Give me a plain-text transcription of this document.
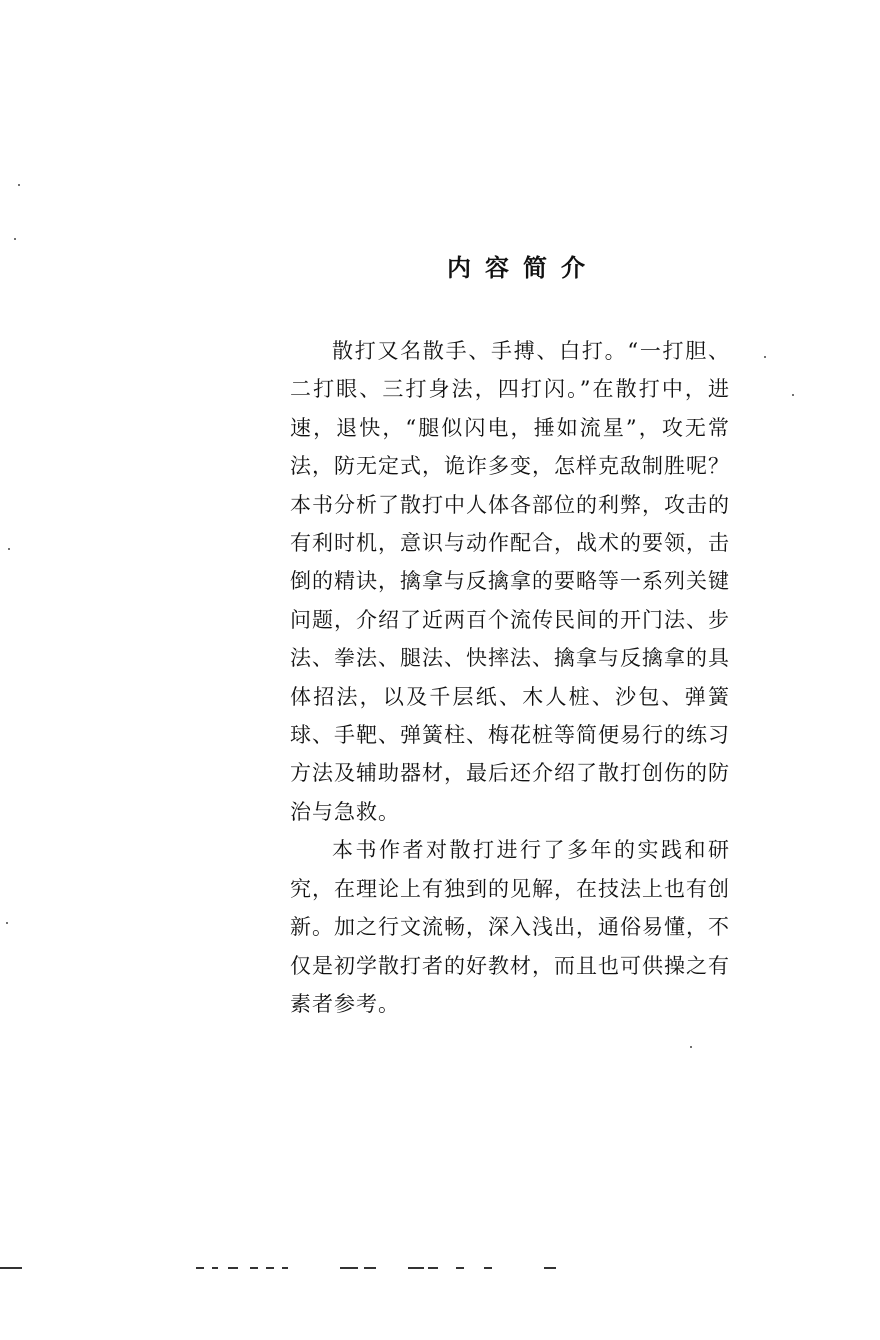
内容简介

散打又名散手、手搏、白打。“一打胆、二打眼、三打身法，四打闪。”在散打中，进速，退快，“腿似闪电，捶如流星”，攻无常法，防无定式，诡诈多变，怎样克敌制胜呢？本书分析了散打中人体各部位的利弊，攻击的有利时机，意识与动作配合，战术的要领，击倒的精诀，擒拿与反擒拿的要略等一系列关键问题，介绍了近两百个流传民间的开门法、步法、拳法、腿法、快摔法、擒拿与反擒拿的具体招法，以及千层纸、木人桩、沙包、弹簧球、手靶、弹簧柱、梅花桩等简便易行的练习方法及辅助器材，最后还介绍了散打创伤的防治与急救。

本书作者对散打进行了多年的实践和研究，在理论上有独到的见解，在技法上也有创新。加之行文流畅，深入浅出，通俗易懂，不仅是初学散打者的好教材，而且也可供操之有素者参考。
